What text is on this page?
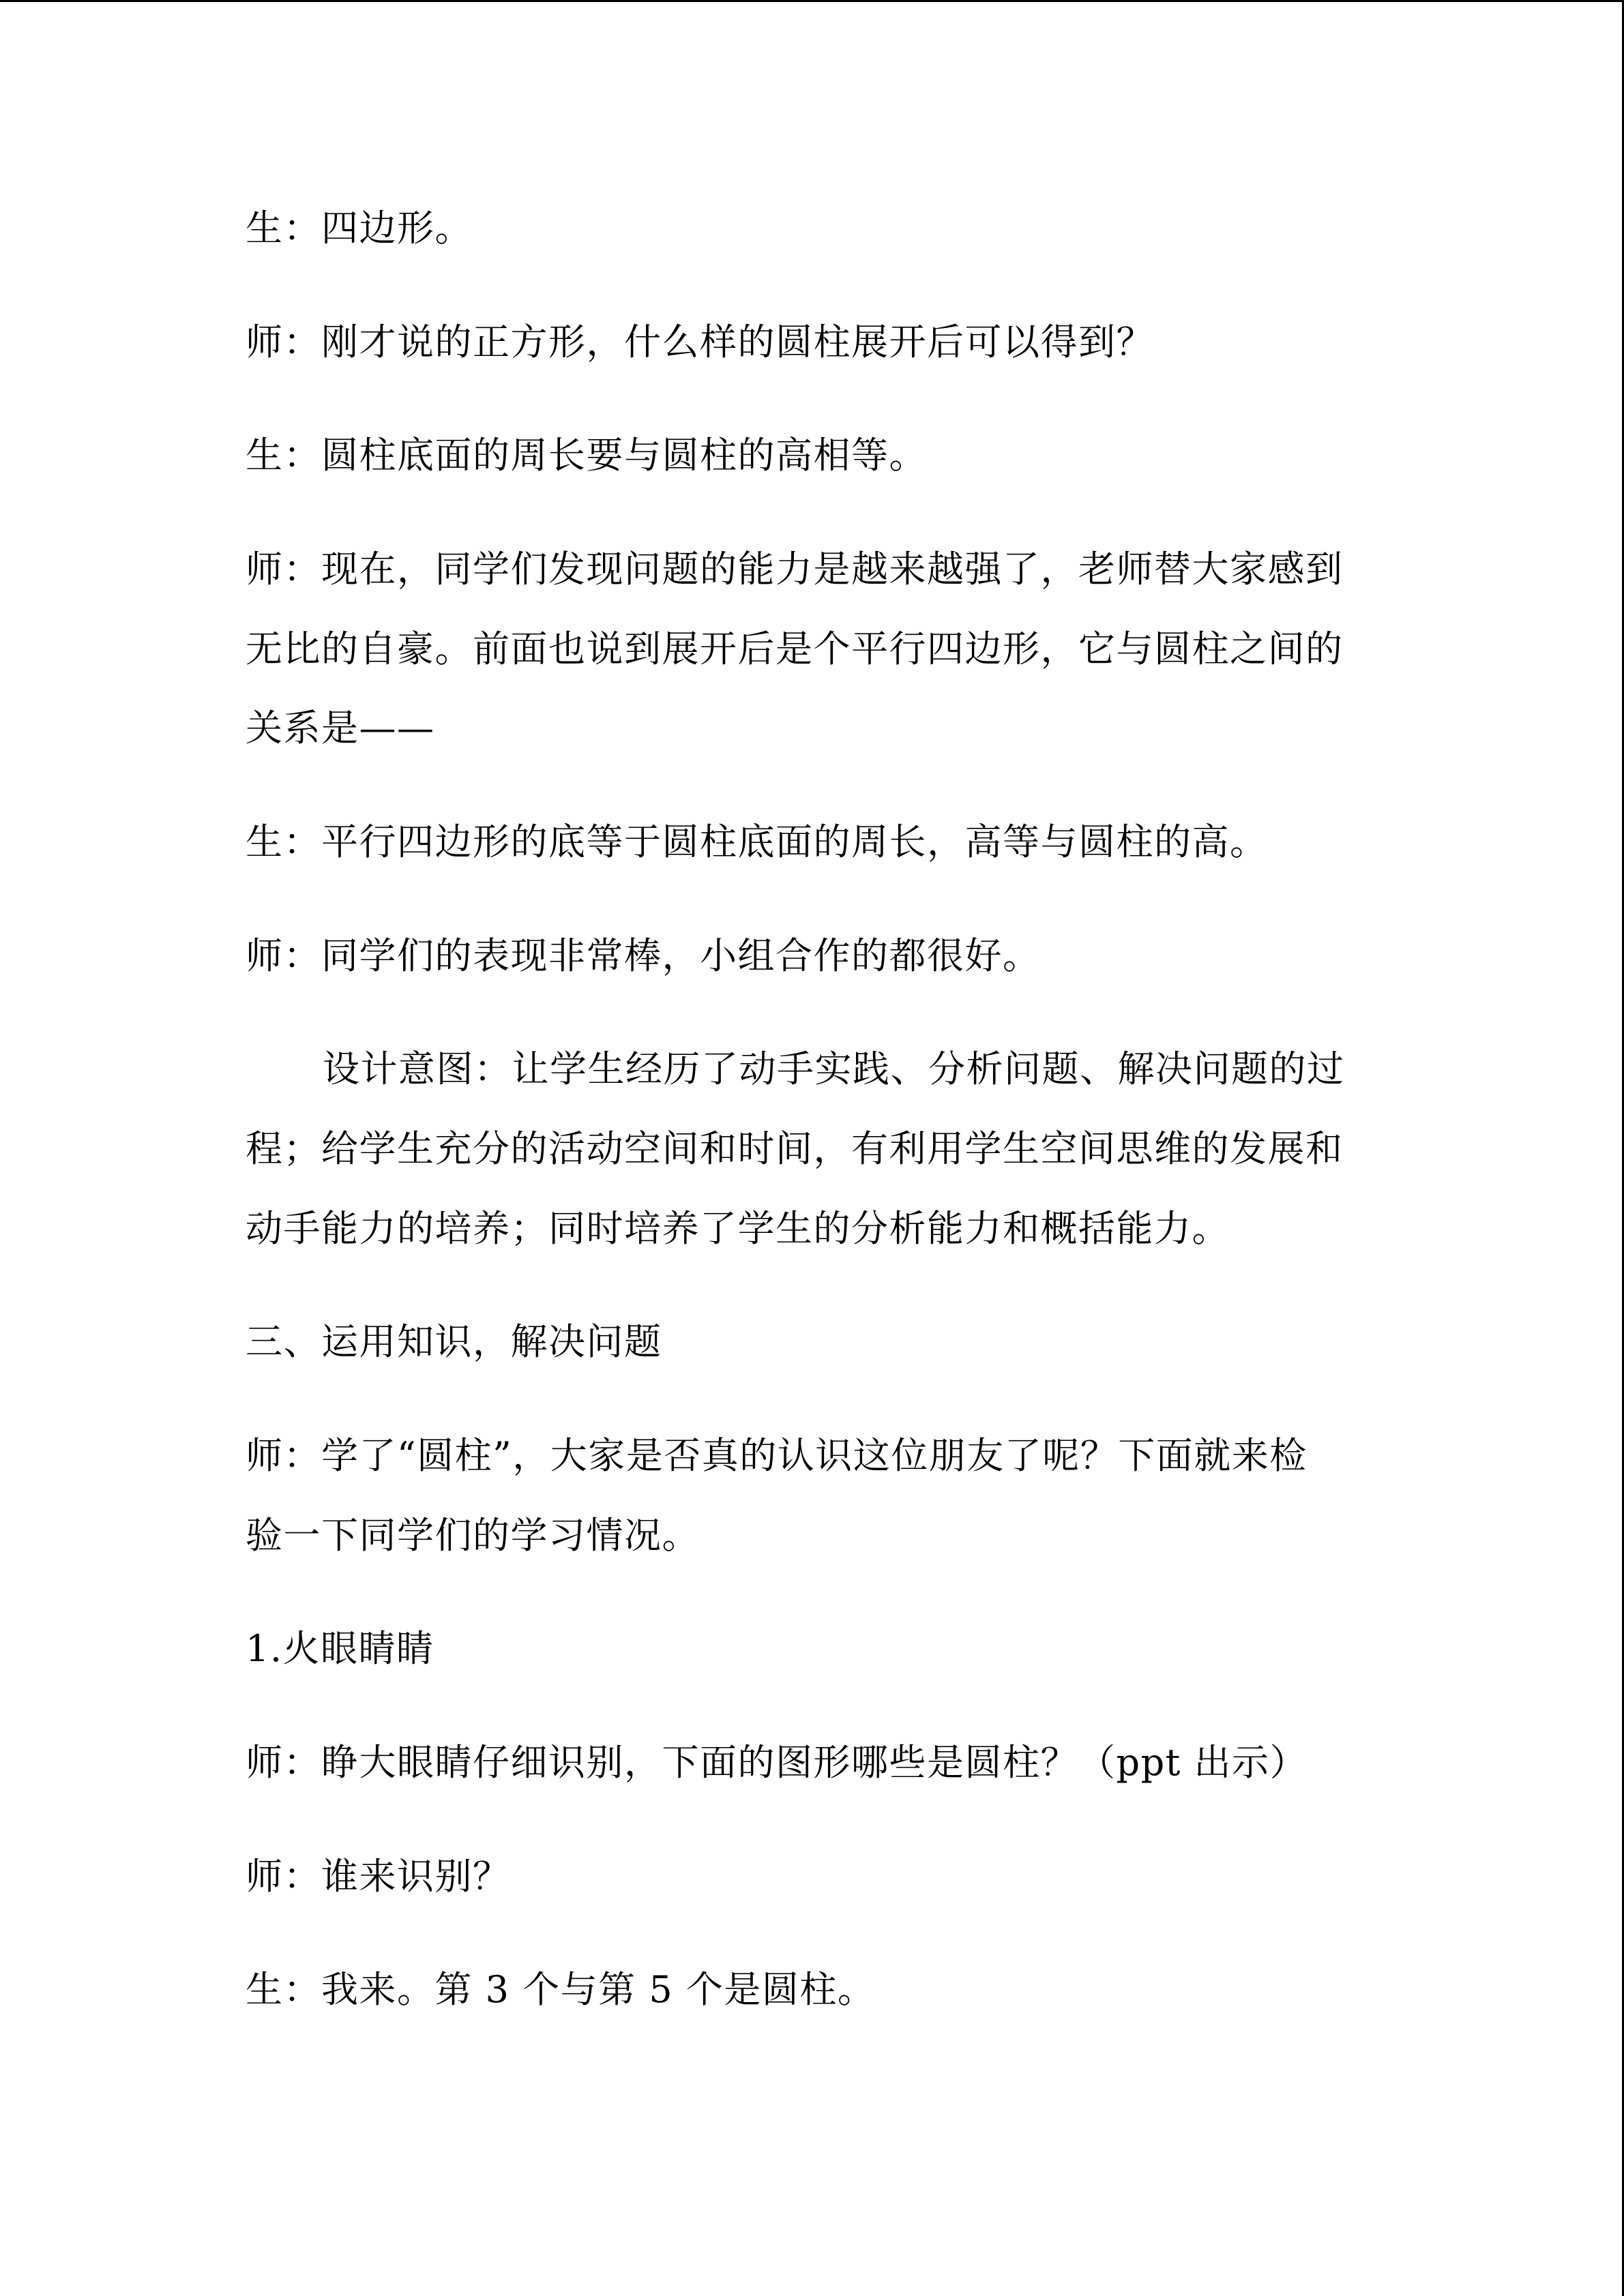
生：四边形。
师：刚才说的正方形，什么样的圆柱展开后可以得到？
生：圆柱底面的周长要与圆柱的高相等。
师：现在，同学们发现问题的能力是越来越强了，老师替大家感到
无比的自豪。前面也说到展开后是个平行四边形，它与圆柱之间的
关系是——
生：平行四边形的底等于圆柱底面的周长，高等与圆柱的高。
师：同学们的表现非常棒，小组合作的都很好。
设计意图：让学生经历了动手实践、分析问题、解决问题的过
程；给学生充分的活动空间和时间，有利用学生空间思维的发展和
动手能力的培养；同时培养了学生的分析能力和概括能力。
三、运用知识，解决问题
师：学了“圆柱”，大家是否真的认识这位朋友了呢？下面就来检
验一下同学们的学习情况。
1.火眼睛睛
师：睁大眼睛仔细识别，下面的图形哪些是圆柱？（ppt 出示）
师：谁来识别？
生：我来。第 3 个与第 5 个是圆柱。
